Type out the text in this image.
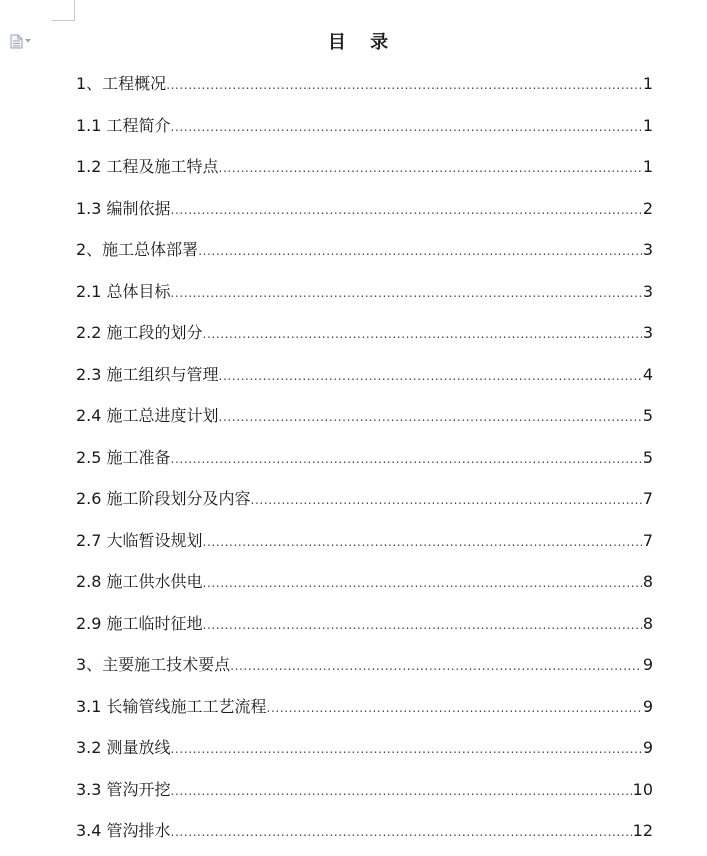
目 录
1、工程概况 .....	1
1.1 工程简介 .....	1
1.2 工程及施工特点 .....	1
1.3 编制依据 .....	2
2、施工总体部署 .....	3
2.1 总体目标 .....	3
2.2 施工段的划分 .....	3
2.3 施工组织与管理 .....	4
2.4 施工总进度计划 .....	5
2.5 施工准备 .....	5
2.6 施工阶段划分及内容 .....	7
2.7 大临暂设规划 .....	7
2.8 施工供水供电 .....	8
2.9 施工临时征地 .....	8
3、主要施工技术要点 .....	9
3.1 长输管线施工工艺流程 .....	9
3.2 测量放线 .....	9
3.3 管沟开挖 .....	10
3.4 管沟排水 .....	12
